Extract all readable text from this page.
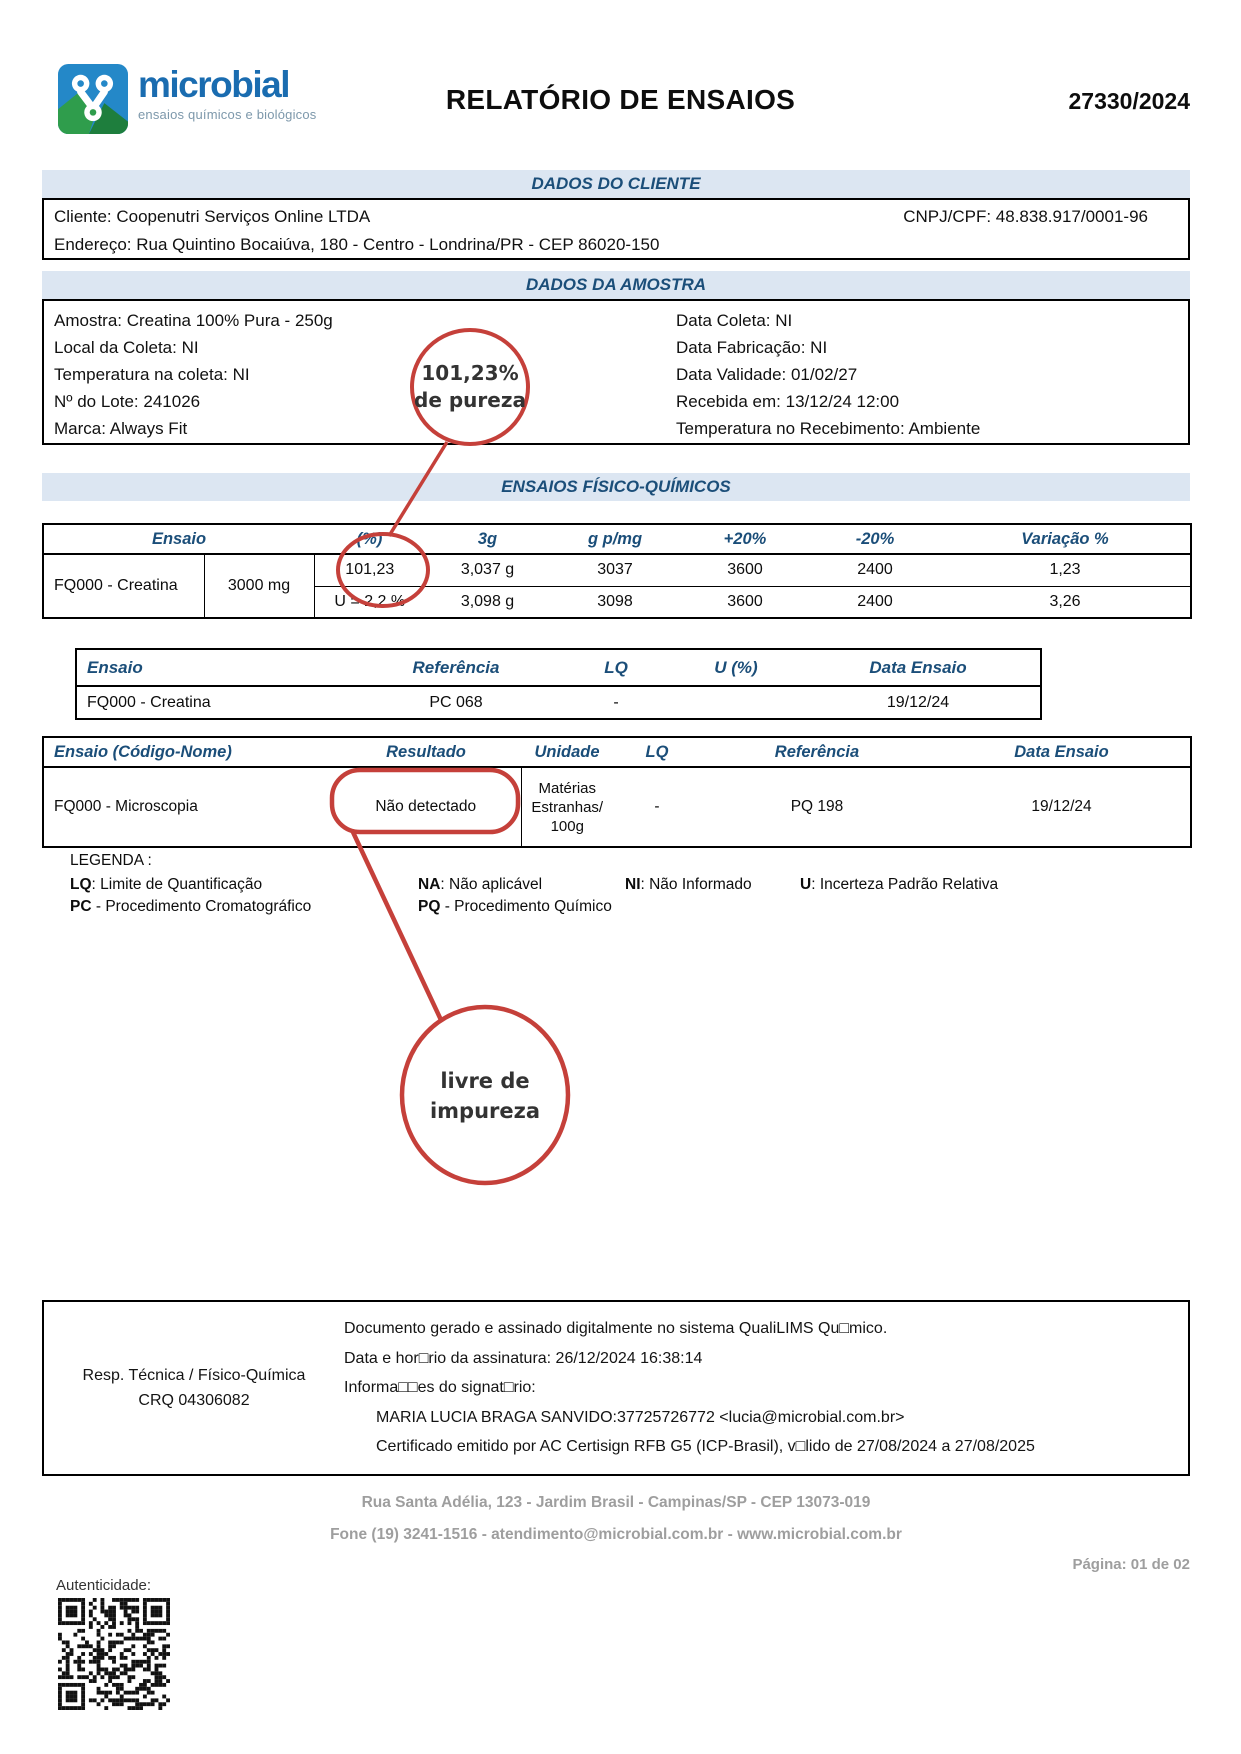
microbial
ensaios químicos e biológicos	RELATÓRIO DE ENSAIOS	27330/2024
DADOS DO CLIENTE
Cliente: Coopenutri Serviços Online LTDA	CNPJ/CPF: 48.838.917/0001-96
Endereço: Rua Quintino Bocaiúva, 180 - Centro - Londrina/PR - CEP 86020-150
DADOS DA AMOSTRA
Amostra: Creatina 100% Pura - 250g
Local da Coleta: NI
Temperatura na coleta: NI
Nº do Lote: 241026
Marca: Always Fit
Data Coleta: NI
Data Fabricação: NI
Data Validade: 01/02/27
Recebida em: 13/12/24 12:00
Temperatura no Recebimento: Ambiente
ENSAIOS FÍSICO-QUÍMICOS
Ensaio		(%)	3g	g p/mg	+20%	-20%	Variação %
FQ000 - Creatina	3000 mg	101,23	3,037 g	3037	3600	2400	1,23
		U = 2,2 %	3,098 g	3098	3600	2400	3,26
Ensaio	Referência	LQ	U (%)	Data Ensaio
FQ000 - Creatina	PC 068	-		19/12/24
Ensaio (Código-Nome)	Resultado	Unidade	LQ	Referência	Data Ensaio
FQ000 - Microscopia	Não detectado	Matérias Estranhas/ 100g	-	PQ 198	19/12/24
LEGENDA :
LQ: Limite de Quantificação	NA: Não aplicável	NI: Não Informado	U: Incerteza Padrão Relativa
PC - Procedimento Cromatográfico	PQ - Procedimento Químico
Resp. Técnica / Físico-Química
CRQ 04306082
Documento gerado e assinado digitalmente no sistema QualiLIMS Qu□mico.
Data e hor□rio da assinatura: 26/12/2024 16:38:14
Informa□□es do signat□rio:
MARIA LUCIA BRAGA SANVIDO:37725726772 <lucia@microbial.com.br>
Certificado emitido por AC Certisign RFB G5 (ICP-Brasil), v□lido de 27/08/2024 a 27/08/2025
Rua Santa Adélia, 123 - Jardim Brasil - Campinas/SP - CEP 13073-019
Fone (19) 3241-1516 - atendimento@microbial.com.br - www.microbial.com.br
Página: 01 de 02
Autenticidade:
101,23%
de pureza
livre de
impureza
